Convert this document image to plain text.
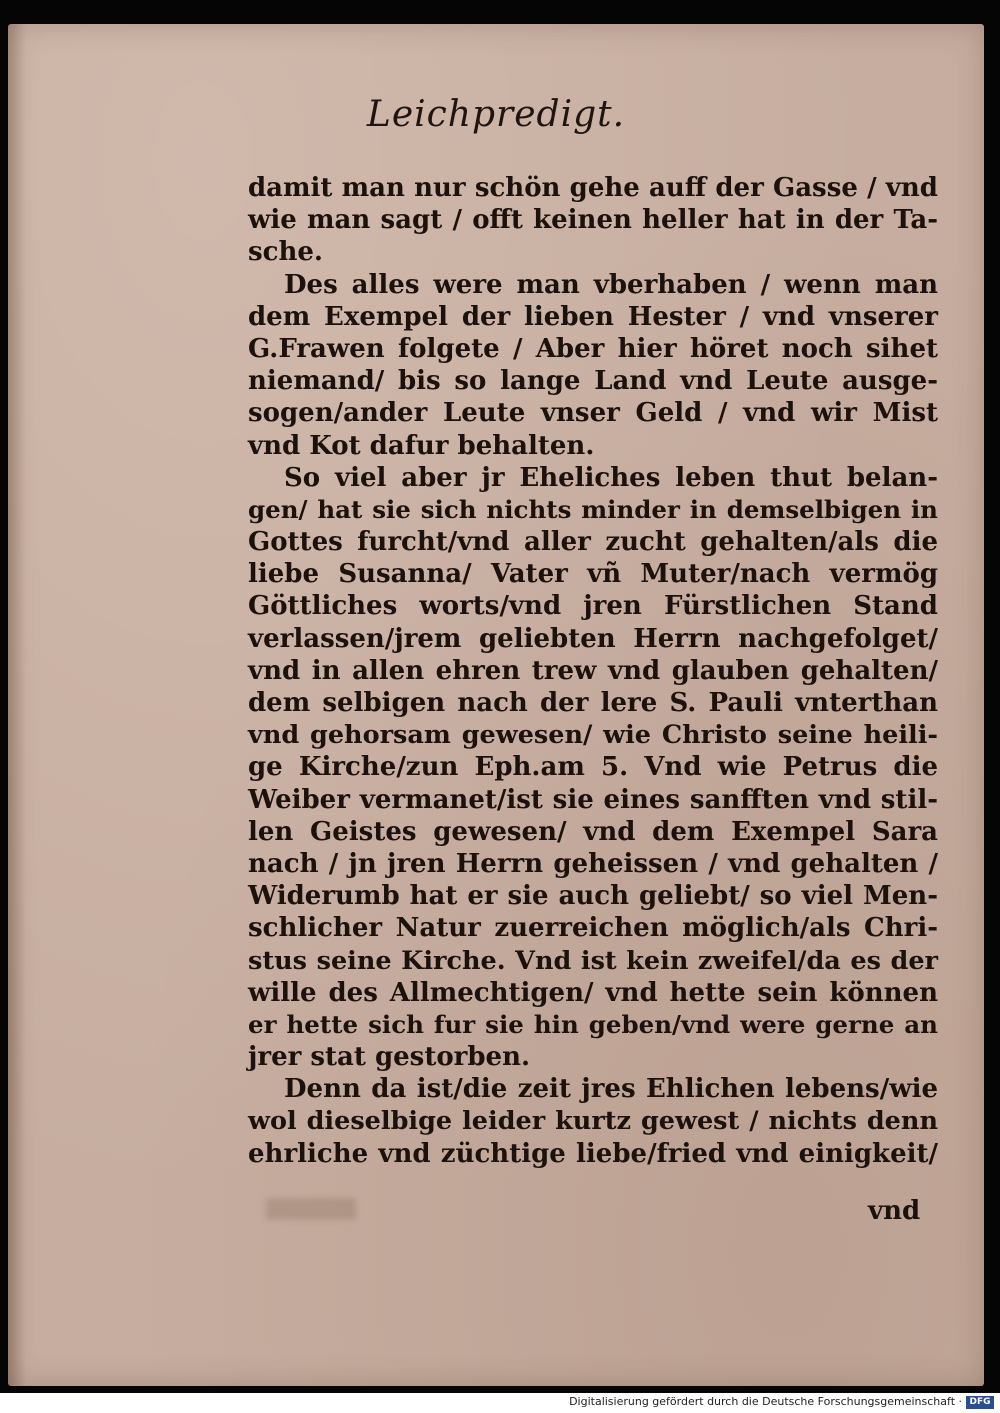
Leichpredigt.
damit man nur schön gehe auff der Gasse / vnd
wie man sagt / offt keinen heller hat in der Ta-
sche.
Des alles were man vberhaben / wenn man
dem Exempel der lieben Hester / vnd vnserer
G.Frawen folgete / Aber hier höret noch sihet
niemand/ bis so lange Land vnd Leute ausge-
sogen/ander Leute vnser Geld / vnd wir Mist
vnd Kot dafur behalten.
So viel aber jr Eheliches leben thut belan-
gen/ hat sie sich nichts minder in demselbigen in
Gottes furcht/vnd aller zucht gehalten/als die
liebe Susanna/ Vater vñ Muter/nach vermög
Göttliches worts/vnd jren Fürstlichen Stand
verlassen/jrem geliebten Herrn nachgefolget/
vnd in allen ehren trew vnd glauben gehalten/
dem selbigen nach der lere S. Pauli vnterthan
vnd gehorsam gewesen/ wie Christo seine heili-
ge Kirche/zun Eph.am 5. Vnd wie Petrus die
Weiber vermanet/ist sie eines sanfften vnd stil-
len Geistes gewesen/ vnd dem Exempel Sara
nach / jn jren Herrn geheissen / vnd gehalten /
Widerumb hat er sie auch geliebt/ so viel Men-
schlicher Natur zuerreichen möglich/als Chri-
stus seine Kirche. Vnd ist kein zweifel/da es der
wille des Allmechtigen/ vnd hette sein können
er hette sich fur sie hin geben/vnd were gerne an
jrer stat gestorben.
Denn da ist/die zeit jres Ehlichen lebens/wie
wol dieselbige leider kurtz gewest / nichts denn
ehrliche vnd züchtige liebe/fried vnd einigkeit/
vnd
Digitalisierung gefördert durch die Deutsche Forschungsgemeinschaft · DFG
